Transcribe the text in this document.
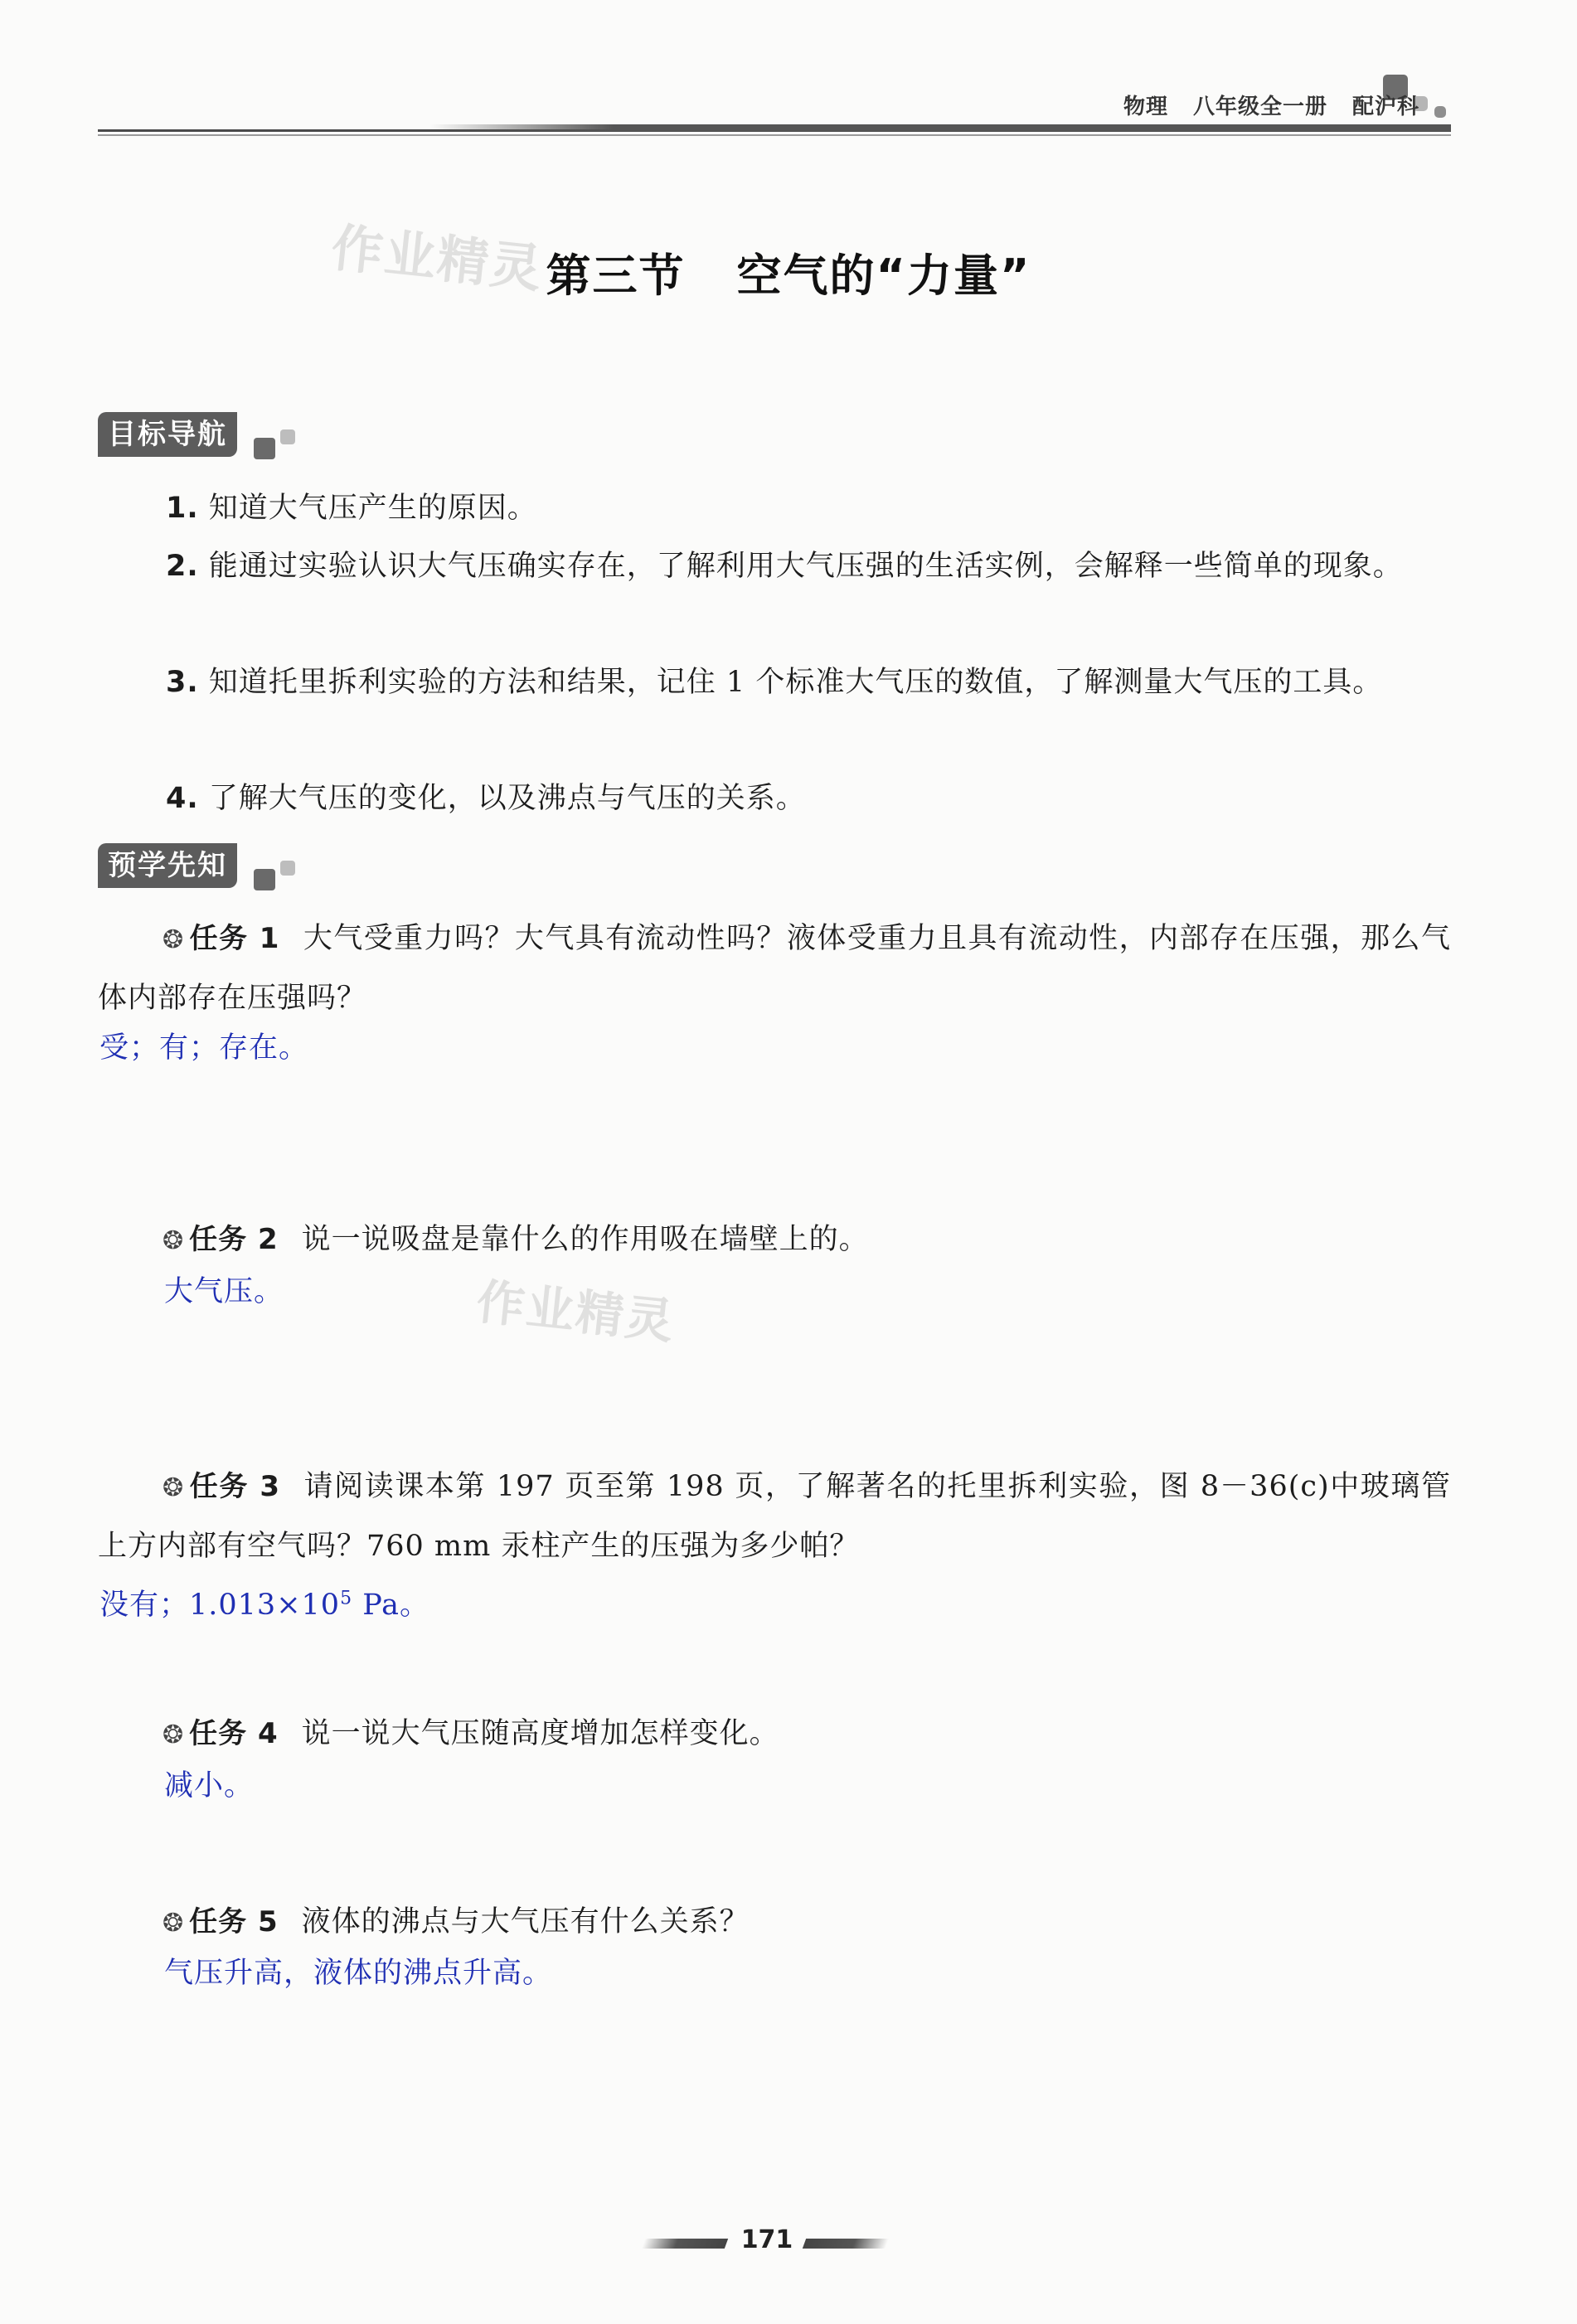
物理 八年级全一册 配沪科
作业精灵
作业精灵
第三节 空气的“力量”
目标导航
1. 知道大气压产生的原因。
2. 能通过实验认识大气压确实存在，了解利用大气压强的生活实例，会解释一些简单的现象。
3. 知道托里拆利实验的方法和结果，记住 1 个标准大气压的数值，了解测量大气压的工具。
4. 了解大气压的变化，以及沸点与气压的关系。
预学先知
❂ 任务 1 大气受重力吗？大气具有流动性吗？液体受重力且具有流动性，内部存在压强，那么气体内部存在压强吗？
受；有；存在。
❂ 任务 2 说一说吸盘是靠什么的作用吸在墙壁上的。
大气压。
❂ 任务 3 请阅读课本第 197 页至第 198 页，了解著名的托里拆利实验，图 8－36(c)中玻璃管上方内部有空气吗？760 mm 汞柱产生的压强为多少帕？
没有；$1.013\times 10^5$ Pa。
❂ 任务 4 说一说大气压随高度增加怎样变化。
减小。
❂ 任务 5 液体的沸点与大气压有什么关系？
气压升高，液体的沸点升高。
171
